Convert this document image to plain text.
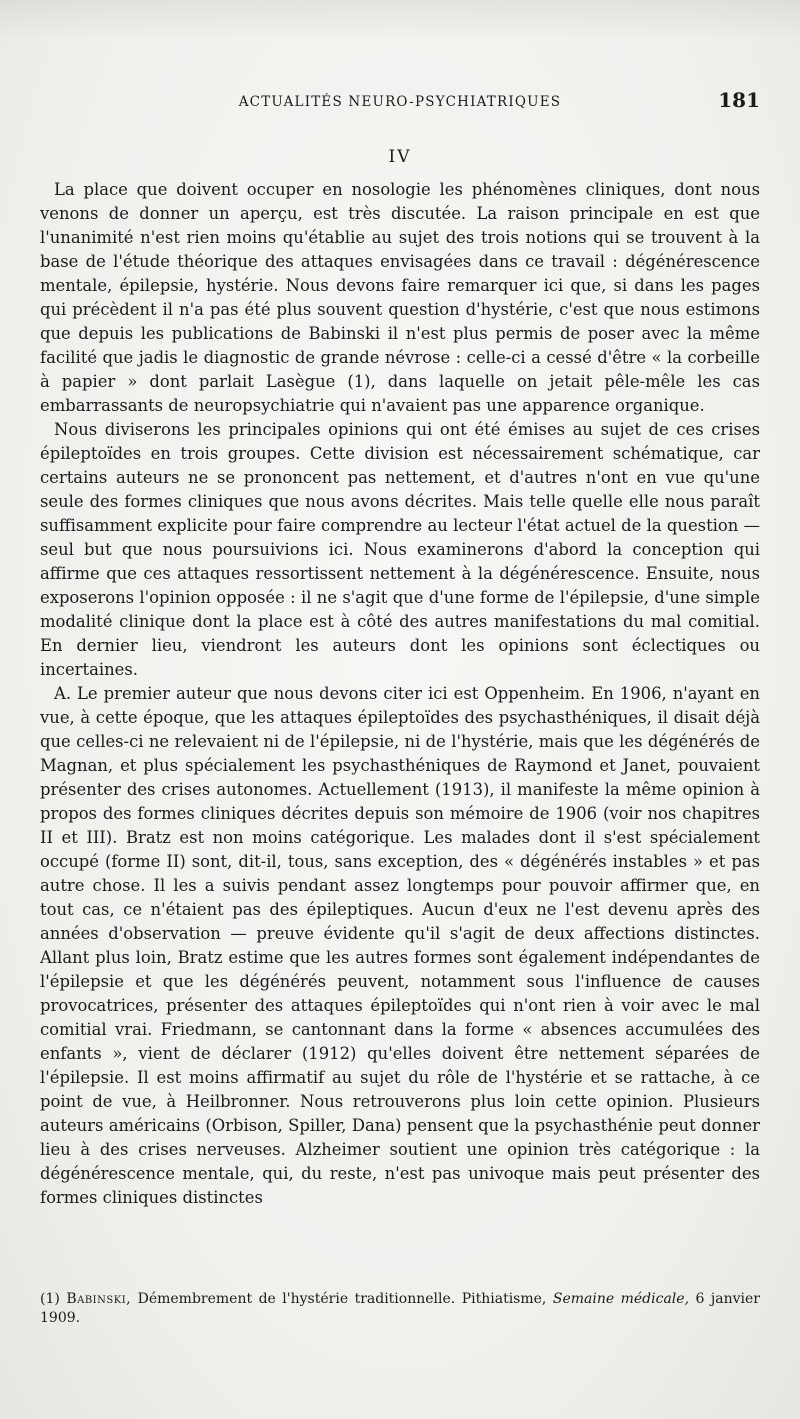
ACTUALITÉS NEURO-PSYCHIATRIQUES	181
IV

La place que doivent occuper en nosologie les phénomènes cliniques, dont nous venons de donner un aperçu, est très discutée. La raison principale en est que l'unanimité n'est rien moins qu'établie au sujet des trois notions qui se trouvent à la base de l'étude théorique des attaques envisagées dans ce travail : dégénérescence mentale, épilepsie, hystérie. Nous devons faire remarquer ici que, si dans les pages qui précèdent il n'a pas été plus souvent question d'hystérie, c'est que nous estimons que depuis les publications de Babinski il n'est plus permis de poser avec la même facilité que jadis le diagnostic de grande névrose : celle-ci a cessé d'être « la corbeille à papier » dont parlait Lasègue (1), dans laquelle on jetait pêle-mêle les cas embarrassants de neuropsychiatrie qui n'avaient pas une apparence organique.

Nous diviserons les principales opinions qui ont été émises au sujet de ces crises épileptoïdes en trois groupes. Cette division est nécessairement schématique, car certains auteurs ne se prononcent pas nettement, et d'autres n'ont en vue qu'une seule des formes cliniques que nous avons décrites. Mais telle quelle elle nous paraît suffisamment explicite pour faire comprendre au lecteur l'état actuel de la question — seul but que nous poursuivions ici. Nous examinerons d'abord la conception qui affirme que ces attaques ressortissent nettement à la dégénérescence. Ensuite, nous exposerons l'opinion opposée : il ne s'agit que d'une forme de l'épilepsie, d'une simple modalité clinique dont la place est à côté des autres manifestations du mal comitial. En dernier lieu, viendront les auteurs dont les opinions sont éclectiques ou incertaines.

A. Le premier auteur que nous devons citer ici est Oppenheim. En 1906, n'ayant en vue, à cette époque, que les attaques épileptoïdes des psychasthéniques, il disait déjà que celles-ci ne relevaient ni de l'épilepsie, ni de l'hystérie, mais que les dégénérés de Magnan, et plus spécialement les psychasthéniques de Raymond et Janet, pouvaient présenter des crises autonomes. Actuellement (1913), il manifeste la même opinion à propos des formes cliniques décrites depuis son mémoire de 1906 (voir nos chapitres II et III). Bratz est non moins catégorique. Les malades dont il s'est spécialement occupé (forme II) sont, dit-il, tous, sans exception, des « dégénérés instables » et pas autre chose. Il les a suivis pendant assez longtemps pour pouvoir affirmer que, en tout cas, ce n'étaient pas des épileptiques. Aucun d'eux ne l'est devenu après des années d'observation — preuve évidente qu'il s'agit de deux affections distinctes. Allant plus loin, Bratz estime que les autres formes sont également indépendantes de l'épilepsie et que les dégénérés peuvent, notamment sous l'influence de causes provocatrices, présenter des attaques épileptoïdes qui n'ont rien à voir avec le mal comitial vrai. Friedmann, se cantonnant dans la forme « absences accumulées des enfants », vient de déclarer (1912) qu'elles doivent être nettement séparées de l'épilepsie. Il est moins affirmatif au sujet du rôle de l'hystérie et se rattache, à ce point de vue, à Heilbronner. Nous retrouverons plus loin cette opinion. Plusieurs auteurs américains (Orbison, Spiller, Dana) pensent que la psychasthénie peut donner lieu à des crises nerveuses. Alzheimer soutient une opinion très catégorique : la dégénérescence mentale, qui, du reste, n'est pas univoque mais peut présenter des formes cliniques distinctes

(1) Babinski, Démembrement de l'hystérie traditionnelle. Pithiatisme, Semaine médicale, 6 janvier 1909.
